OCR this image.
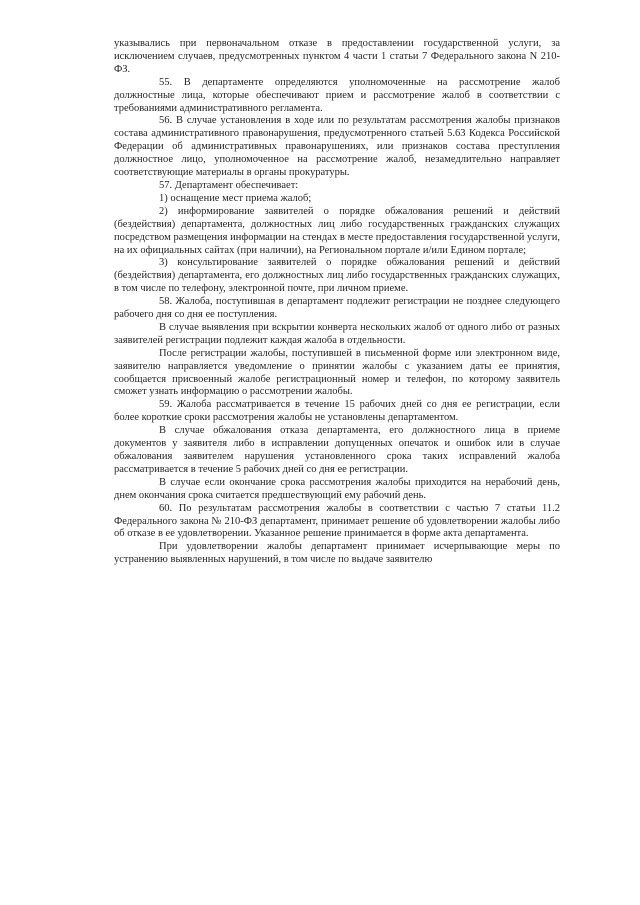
указывались при первоначальном отказе в предоставлении государственной услуги, за исключением случаев, предусмотренных пунктом 4 части 1 статьи 7 Федерального закона N 210-ФЗ.

55. В департаменте определяются уполномоченные на рассмотрение жалоб должностные лица, которые обеспечивают прием и рассмотрение жалоб в соответствии с требованиями административного регламента.

56. В случае установления в ходе или по результатам рассмотрения жалобы признаков состава административного правонарушения, предусмотренного статьей 5.63 Кодекса Российской Федерации об административных правонарушениях, или признаков состава преступления должностное лицо, уполномоченное на рассмотрение жалоб, незамедлительно направляет соответствующие материалы в органы прокуратуры.

57. Департамент обеспечивает:

1) оснащение мест приема жалоб;

2) информирование заявителей о порядке обжалования решений и действий (бездействия) департамента, должностных лиц либо государственных гражданских служащих посредством размещения информации на стендах в месте предоставления государственной услуги, на их официальных сайтах (при наличии), на Региональном портале и/или Едином портале;

3) консультирование заявителей о порядке обжалования решений и действий (бездействия) департамента, его должностных лиц либо государственных гражданских служащих, в том числе по телефону, электронной почте, при личном приеме.

58. Жалоба, поступившая в департамент подлежит регистрации не позднее следующего рабочего дня со дня ее поступления.

В случае выявления при вскрытии конверта нескольких жалоб от одного либо от разных заявителей регистрации подлежит каждая жалоба в отдельности.

После регистрации жалобы, поступившей в письменной форме или электронном виде, заявителю направляется уведомление о принятии жалобы с указанием даты ее принятия, сообщается присвоенный жалобе регистрационный номер и телефон, по которому заявитель сможет узнать информацию о рассмотрении жалобы.

59. Жалоба рассматривается в течение 15 рабочих дней со дня ее регистрации, если более короткие сроки рассмотрения жалобы не установлены департаментом.

В случае обжалования отказа департамента, его должностного лица в приеме документов у заявителя либо в исправлении допущенных опечаток и ошибок или в случае обжалования заявителем нарушения установленного срока таких исправлений жалоба рассматривается в течение 5 рабочих дней со дня ее регистрации.

В случае если окончание срока рассмотрения жалобы приходится на нерабочий день, днем окончания срока считается предшествующий ему рабочий день.

60. По результатам рассмотрения жалобы в соответствии с частью 7 статьи 11.2 Федерального закона № 210-ФЗ департамент, принимает решение об удовлетворении жалобы либо об отказе в ее удовлетворении. Указанное решение принимается в форме акта департамента.

При удовлетворении жалобы департамент принимает исчерпывающие меры по устранению выявленных нарушений, в том числе по выдаче заявителю
